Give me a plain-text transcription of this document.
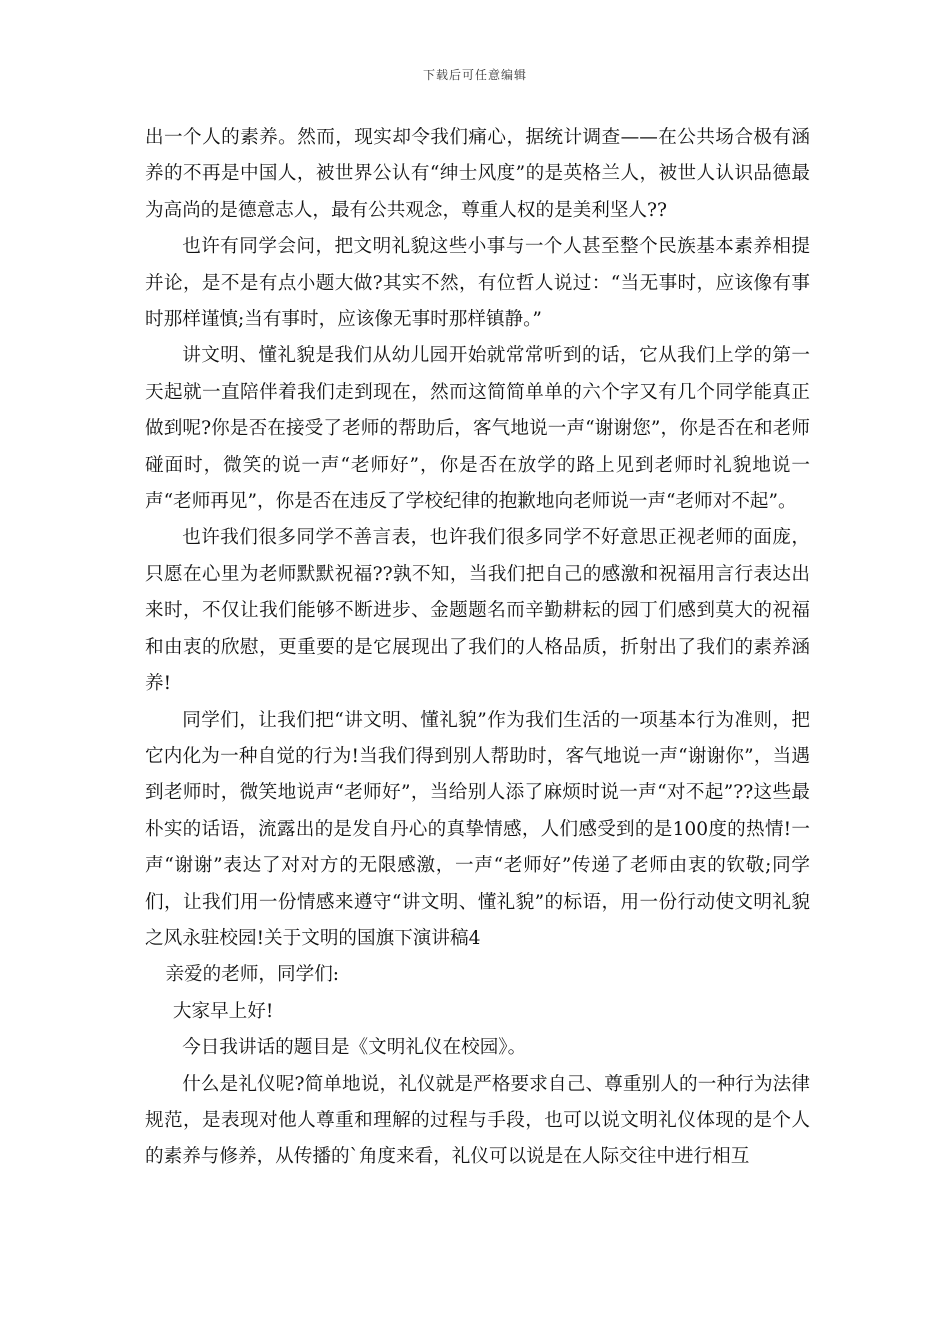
下载后可任意编辑

出一个人的素养。然而，现实却令我们痛心，据统计调查——在公共场合极有涵养的不再是中国人，被世界公认有“绅士风度”的是英格兰人，被世人认识品德最为高尚的是德意志人，最有公共观念，尊重人权的是美利坚人??

也许有同学会问，把文明礼貌这些小事与一个人甚至整个民族基本素养相提并论，是不是有点小题大做?其实不然，有位哲人说过：“当无事时，应该像有事时那样谨慎;当有事时，应该像无事时那样镇静。”

讲文明、懂礼貌是我们从幼儿园开始就常常听到的话，它从我们上学的第一天起就一直陪伴着我们走到现在，然而这简简单单的六个字又有几个同学能真正做到呢?你是否在接受了老师的帮助后，客气地说一声“谢谢您”，你是否在和老师碰面时，微笑的说一声“老师好”，你是否在放学的路上见到老师时礼貌地说一声“老师再见”，你是否在违反了学校纪律的抱歉地向老师说一声“老师对不起”。

也许我们很多同学不善言表，也许我们很多同学不好意思正视老师的面庞，只愿在心里为老师默默祝福??孰不知，当我们把自己的感激和祝福用言行表达出来时，不仅让我们能够不断进步、金题题名而辛勤耕耘的园丁们感到莫大的祝福和由衷的欣慰，更重要的是它展现出了我们的人格品质，折射出了我们的素养涵养!

同学们，让我们把“讲文明、懂礼貌”作为我们生活的一项基本行为准则，把它内化为一种自觉的行为!当我们得到别人帮助时，客气地说一声“谢谢你”，当遇到老师时，微笑地说声“老师好”，当给别人添了麻烦时说一声“对不起”??这些最朴实的话语，流露出的是发自丹心的真挚情感，人们感受到的是100度的热情!一声“谢谢”表达了对对方的无限感激，一声“老师好”传递了老师由衷的钦敬;同学们，让我们用一份情感来遵守“讲文明、懂礼貌”的标语，用一份行动使文明礼貌之风永驻校园!关于文明的国旗下演讲稿4

亲爱的老师，同学们:

大家早上好!

今日我讲话的题目是《文明礼仪在校园》。

什么是礼仪呢?简单地说，礼仪就是严格要求自己、尊重别人的一种行为法律规范，是表现对他人尊重和理解的过程与手段，也可以说文明礼仪体现的是个人的素养与修养，从传播的`角度来看，礼仪可以说是在人际交往中进行相互
